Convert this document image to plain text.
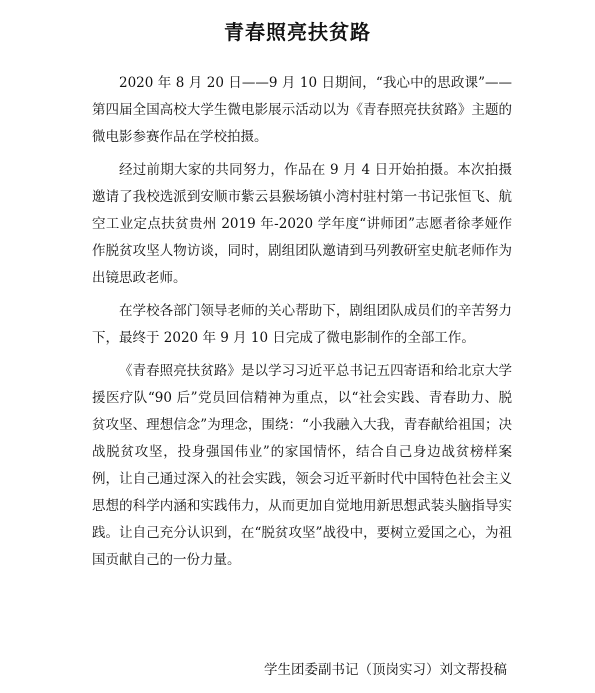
青春照亮扶贫路

2020 年 8 月 20 日——9 月 10 日期间，“我心中的思政课”——第四届全国高校大学生微电影展示活动以为《青春照亮扶贫路》主题的微电影参赛作品在学校拍摄。

经过前期大家的共同努力，作品在 9 月 4 日开始拍摄。本次拍摄邀请了我校选派到安顺市紫云县猴场镇小湾村驻村第一书记张恒飞、航空工业定点扶贫贵州 2019 年-2020 学年度“讲师团”志愿者徐孝娅作作脱贫攻坚人物访谈，同时，剧组团队邀请到马列教研室史航老师作为出镜思政老师。

在学校各部门领导老师的关心帮助下，剧组团队成员们的辛苦努力下，最终于 2020 年 9 月 10 日完成了微电影制作的全部工作。

《青春照亮扶贫路》是以学习习近平总书记五四寄语和给北京大学援医疗队“90 后”党员回信精神为重点，以“社会实践、青春助力、脱贫攻坚、理想信念”为理念，围绕：“小我融入大我，青春献给祖国；决战脱贫攻坚，投身强国伟业”的家国情怀，结合自己身边战贫榜样案例，让自己通过深入的社会实践，领会习近平新时代中国特色社会主义思想的科学内涵和实践伟力，从而更加自觉地用新思想武装头脑指导实践。让自己充分认识到，在“脱贫攻坚”战役中，要树立爱国之心，为祖国贡献自己的一份力量。

学生团委副书记（顶岗实习）刘文帮投稿
